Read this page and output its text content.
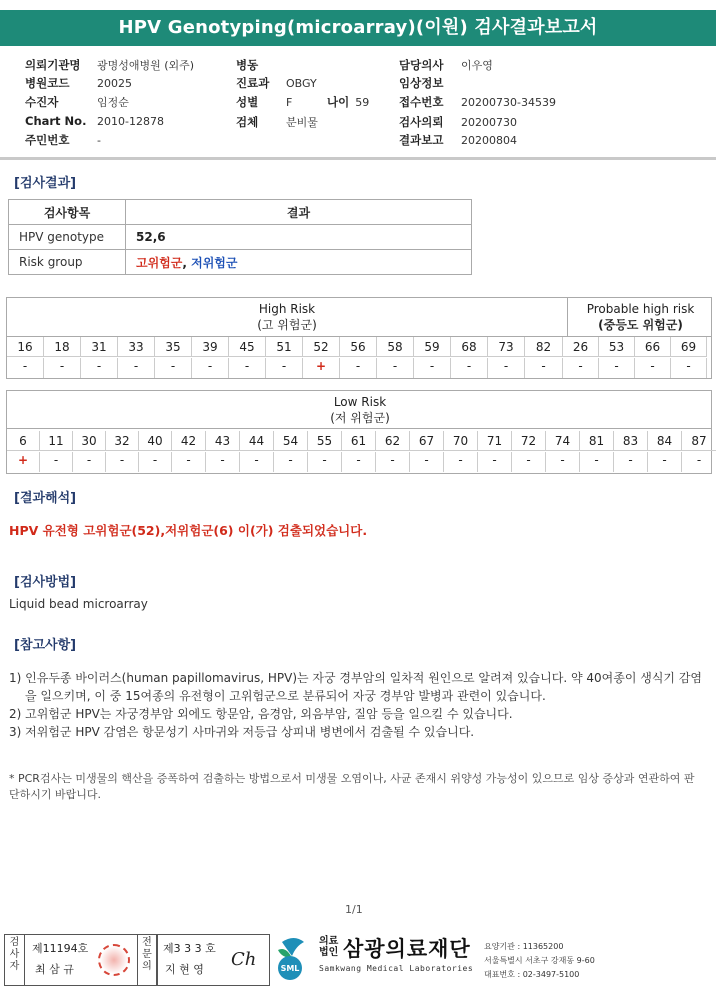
HPV Genotyping(microarray)(이원) 검사결과보고서
의뢰기관명 광명성애병원 (외주)
병원코드	20025
수진자	임정순
Chart No. 2010-12878
주민번호	-
병동
진료과 OBGY
성별	F	나이 59
검체	분비물
담당의사 이우영
임상정보
접수번호 20200730-34539
검사의뢰 20200730
결과보고 20200804
[검사결과]
검사항목	결과
HPV genotype	52,6
Risk group	고위험군, 저위험군
High Risk
(고 위험군)
Probable high risk
(중등도 위험군)
16	18	31	33	35	39	45	51	52	56	58	59	68	73	82	26	53	66	69
-	-	-	-	-	-	-	-	+	-	-	-	-	-	-	-	-	-	-
Low Risk
(저 위험군)
6	11	30	32	40	42	43	44	54	55	61	62	67	70	71	72	74	81	83	84	87
+	-	-	-	-	-	-	-	-	-	-	-	-	-	-	-	-	-	-	-	-
[결과해석]
HPV 유전형 고위험군(52),저위험군(6) 이(가) 검출되었습니다.
[검사방법]
Liquid bead microarray
[참고사항]
1) 인유두종 바이러스(human papillomavirus, HPV)는 자궁 경부암의 일차적 원인으로 알려져 있습니다. 약 40여종이 생식기 감염을 일으키며, 이 중 15여종의 유전형이 고위험군으로 분류되어 자궁 경부암 발병과 관련이 있습니다.
2) 고위험군 HPV는 자궁경부암 외에도 항문암, 음경암, 외음부암, 질암 등을 일으킬 수 있습니다.
3) 저위험군 HPV 감염은 항문성기 사마귀와 저등급 상피내 병변에서 검출될 수 있습니다.
* PCR검사는 미생물의 핵산을 증폭하여 검출하는 방법으로서 미생물 오염이나, 사균 존재시 위양성 가능성이 있으므로 임상 증상과 연관하여 판단하시기 바랍니다.
1/1
검사자
제11194호
최 삼 규
전문의
제3 3 3 호
지 현 영 Ch	SML
의료법인 삼광의료재단
Samkwang Medical Laboratories
요양기관 : 11365200
서울특별시 서초구 강재동 9-60
대표번호 : 02-3497-5100
